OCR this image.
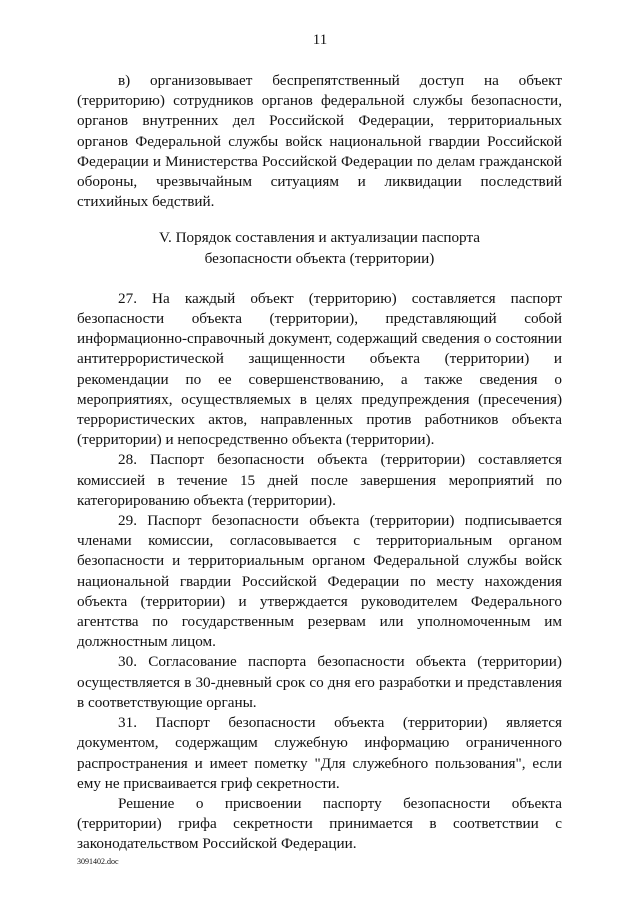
11

в) организовывает беспрепятственный доступ на объект (территорию) сотрудников органов федеральной службы безопасности, органов внутренних дел Российской Федерации, территориальных органов Федеральной службы войск национальной гвардии Российской Федерации и Министерства Российской Федерации по делам гражданской обороны, чрезвычайным ситуациям и ликвидации последствий стихийных бедствий.

V. Порядок составления и актуализации паспорта
безопасности объекта (территории)

27. На каждый объект (территорию) составляется паспорт безопасности объекта (территории), представляющий собой информационно-справочный документ, содержащий сведения о состоянии антитеррористической защищенности объекта (территории) и рекомендации по ее совершенствованию, а также сведения о мероприятиях, осуществляемых в целях предупреждения (пресечения) террористических актов, направленных против работников объекта (территории) и непосредственно объекта (территории).

28. Паспорт безопасности объекта (территории) составляется комиссией в течение 15 дней после завершения мероприятий по категорированию объекта (территории).

29. Паспорт безопасности объекта (территории) подписывается членами комиссии, согласовывается с территориальным органом безопасности и территориальным органом Федеральной службы войск национальной гвардии Российской Федерации по месту нахождения объекта (территории) и утверждается руководителем Федерального агентства по государственным резервам или уполномоченным им должностным лицом.

30. Согласование паспорта безопасности объекта (территории) осуществляется в 30-дневный срок со дня его разработки и представления в соответствующие органы.

31. Паспорт безопасности объекта (территории) является документом, содержащим служебную информацию ограниченного распространения и имеет пометку "Для служебного пользования", если ему не присваивается гриф секретности.

Решение о присвоении паспорту безопасности объекта (территории) грифа секретности принимается в соответствии с законодательством Российской Федерации.

3091402.doc
